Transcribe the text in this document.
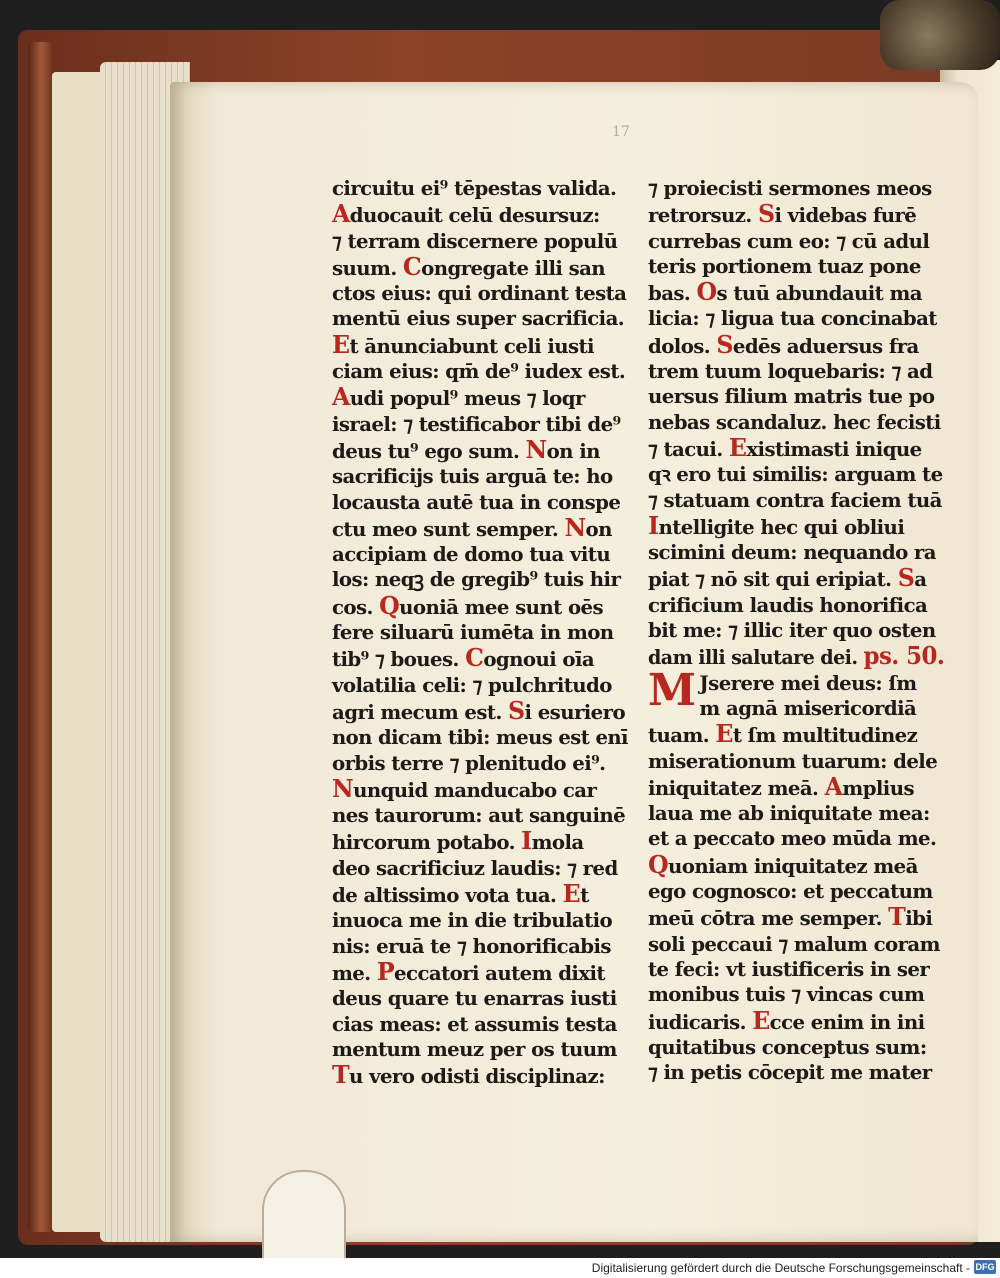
17
circuitu ei⁹ tēpestas valida.
Aduocauit celū desursuz:
⁊ terram discernere populū
suum. Congregate illi san
ctos eius: qui ordinant testa
mentū eius super sacrificia.
Et ānunciabunt celi iusti
ciam eius: qm̄ de⁹ iudex est.
Audi popul⁹ meus ⁊ loqr
israel: ⁊ testificabor tibi de⁹
deus tu⁹ ego sum. Non in
sacrificijs tuis arguā te: ho
locausta autē tua in conspe
ctu meo sunt semper. Non
accipiam de domo tua vitu
los: neqꝫ de gregib⁹ tuis hir
cos. Quoniā mee sunt oēs
fere siluarū iumēta in mon
tib⁹ ⁊ boues. Cognoui oīa
volatilia celi: ⁊ pulchritudo
agri mecum est. Si esuriero
non dicam tibi: meus est enī
orbis terre ⁊ plenitudo ei⁹.
Nunquid manducabo car
nes taurorum: aut sanguinē
hircorum potabo. Imola
deo sacrificiuz laudis: ⁊ red
de altissimo vota tua. Et
inuoca me in die tribulatio
nis: eruā te ⁊ honorificabis
me. Peccatori autem dixit
deus quare tu enarras iusti
cias meas: et assumis testa
mentum meuz per os tuum
Tu vero odisti disciplinaz:
⁊ proiecisti sermones meos
retrorsuz. Si videbas furē
currebas cum eo: ⁊ cū adul
teris portionem tuaz pone
bas. Os tuū abundauit ma
licia: ⁊ ligua tua concinabat
dolos. Sedēs aduersus fra
trem tuum loquebaris: ⁊ ad
uersus filium matris tue po
nebas scandaluz. hec fecisti
⁊ tacui. Existimasti inique
qꝛ ero tui similis: arguam te
⁊ statuam contra faciem tuā
Intelligite hec qui obliui
scimini deum: nequando ra
piat ⁊ nō sit qui eripiat. Sa
crificium laudis honorifica
bit me: ⁊ illic iter quo osten
dam illi salutare dei. ps. 50.
M Jserere mei deus: ſm
m agnā misericordiā
tuam. Et ſm multitudinez
miserationum tuarum: dele
iniquitatez meā. Amplius
laua me ab iniquitate mea:
et a peccato meo mūda me.
Quoniam iniquitatez meā
ego cognosco: et peccatum
meū cōtra me semper. Tibi
soli peccaui ⁊ malum coram
te feci: vt iustificeris in ser
monibus tuis ⁊ vincas cum
iudicaris. Ecce enim in ini
quitatibus conceptus sum:
⁊ in petis cōcepit me mater
Digitalisierung gefördert durch die Deutsche Forschungsgemeinschaft - DFG
